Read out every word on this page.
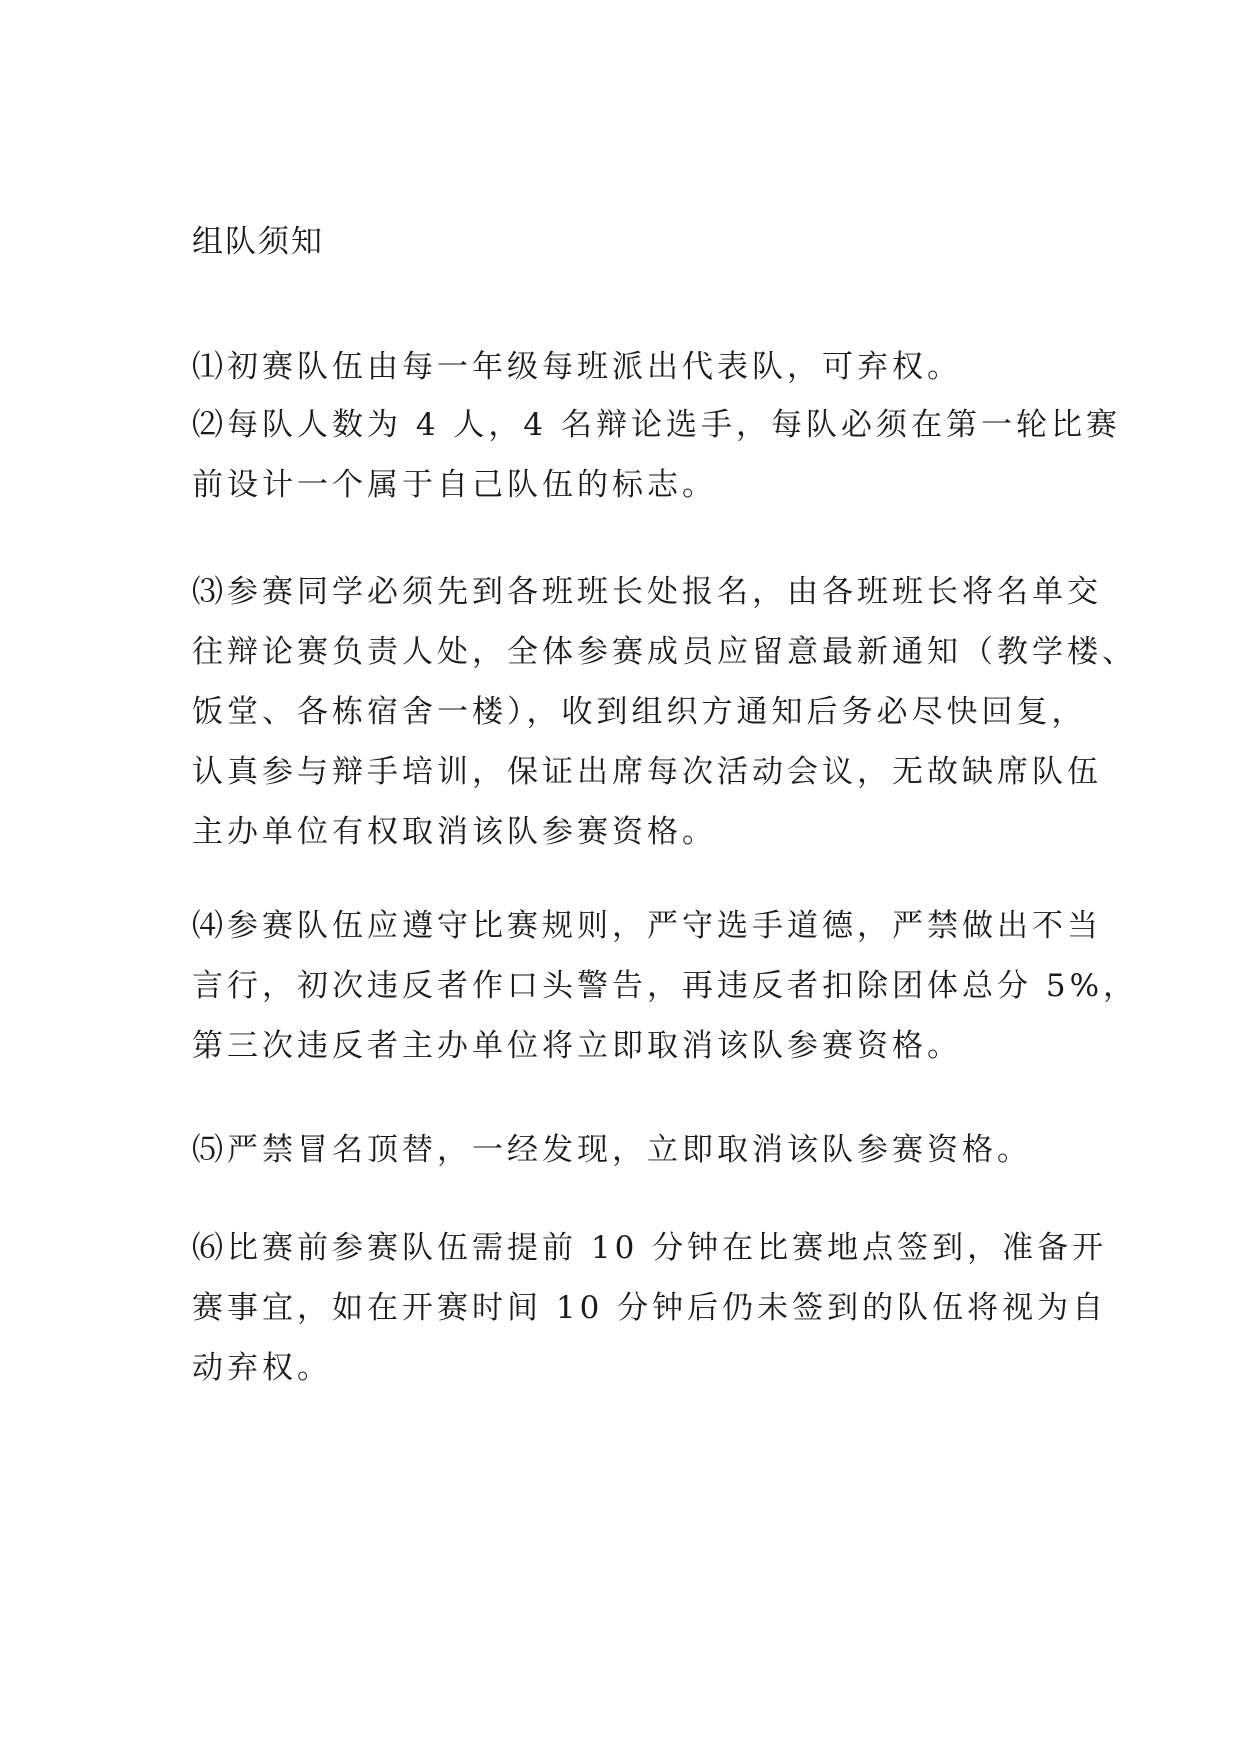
组队须知
⑴初赛队伍由每一年级每班派出代表队，可弃权。
⑵每队人数为 4 人，4 名辩论选手，每队必须在第一轮比赛
前设计一个属于自己队伍的标志。
⑶参赛同学必须先到各班班长处报名，由各班班长将名单交
往辩论赛负责人处，全体参赛成员应留意最新通知（教学楼、
饭堂、各栋宿舍一楼），收到组织方通知后务必尽快回复，
认真参与辩手培训，保证出席每次活动会议，无故缺席队伍
主办单位有权取消该队参赛资格。
⑷参赛队伍应遵守比赛规则，严守选手道德，严禁做出不当
言行，初次违反者作口头警告，再违反者扣除团体总分 5%，
第三次违反者主办单位将立即取消该队参赛资格。
⑸严禁冒名顶替，一经发现，立即取消该队参赛资格。
⑹比赛前参赛队伍需提前 10 分钟在比赛地点签到，准备开
赛事宜，如在开赛时间 10 分钟后仍未签到的队伍将视为自
动弃权。
